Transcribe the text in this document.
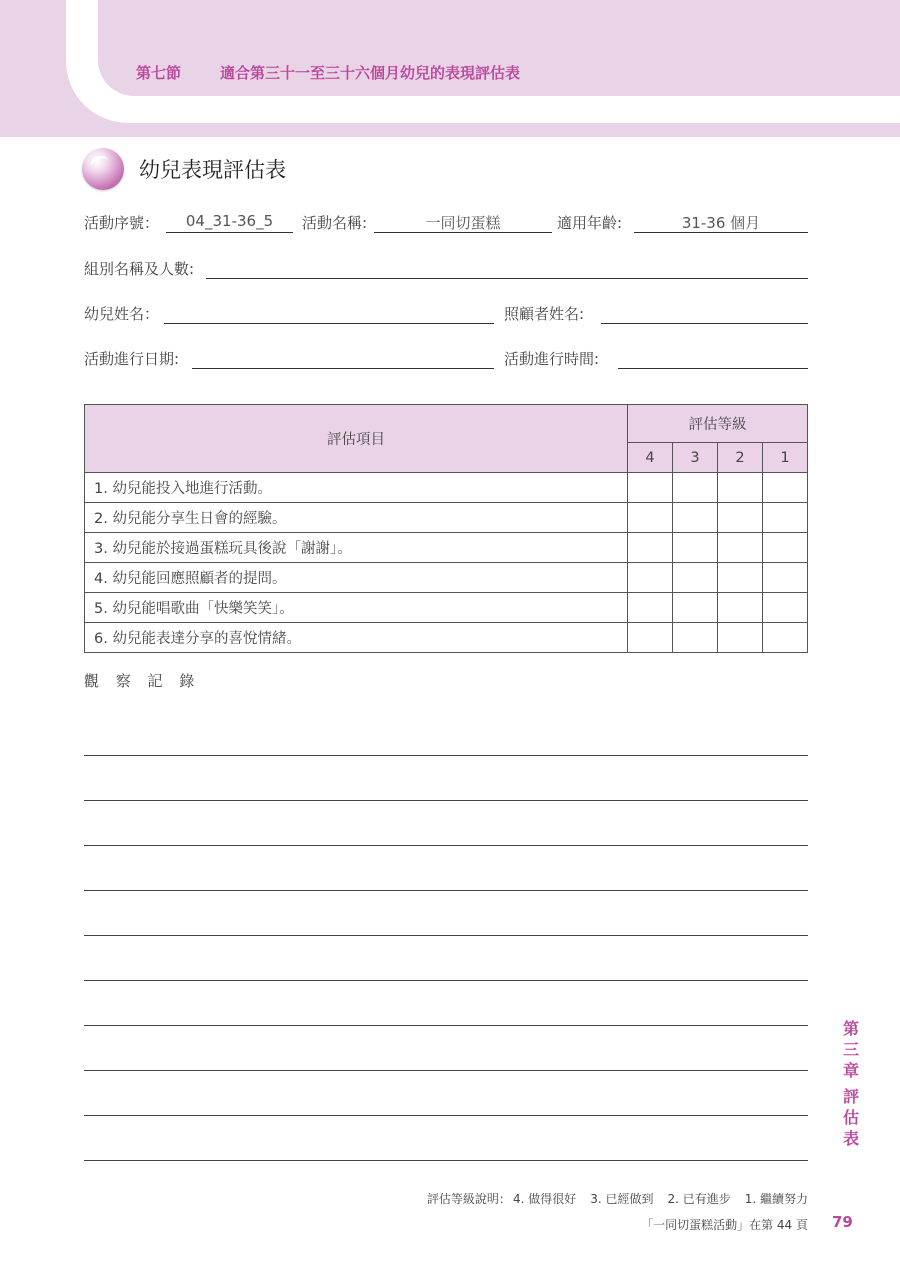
第七節	適合第三十一至三十六個月幼兒的表現評估表
幼兒表現評估表
活動序號：	04_31-36_5	活動名稱:	一同切蛋糕	適用年齡:	31-36 個月
組別名稱及人數:
幼兒姓名：	照顧者姓名:
活動進行日期:	活動進行時間:
評估項目	評估等級			
	4	3	2	1
1. 幼兒能投入地進行活動。				
2. 幼兒能分享生日會的經驗。				
3. 幼兒能於接過蛋糕玩具後說「謝謝」。				
4. 幼兒能回應照顧者的提問。				
5. 幼兒能唱歌曲「快樂笑笑」。				
6. 幼兒能表達分享的喜悅情緒。				
觀 察 記 錄
第三章
評估表
評估等級說明： 4. 做得很好 3. 已經做到 2. 已有進步 1. 繼續努力
「一同切蛋糕活動」在第 44 頁 79
